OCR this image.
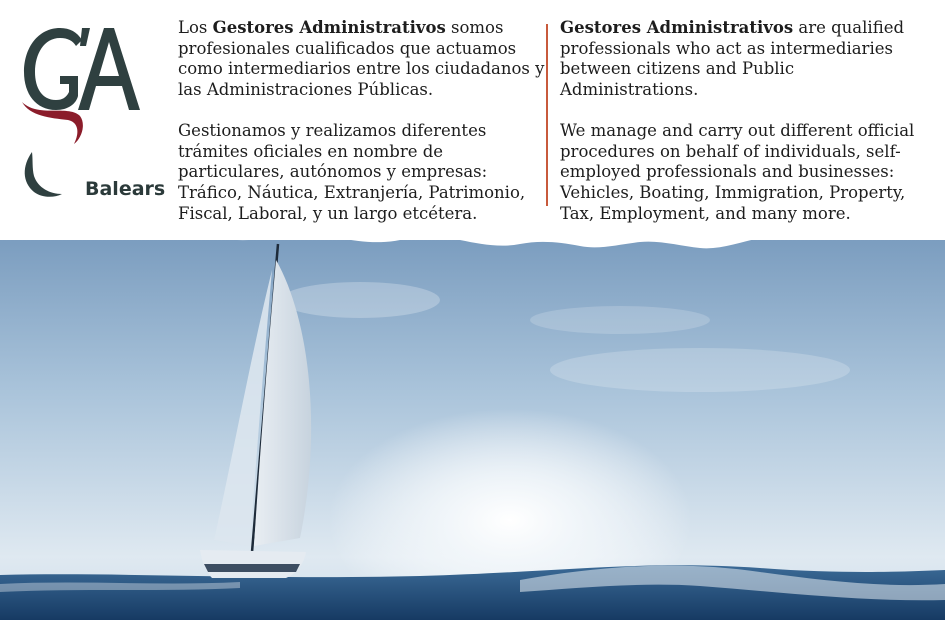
Balears

Los Gestores Administrativos somos profesionales cualificados que actuamos como intermediarios entre los ciudadanos y las Administraciones Públicas.

Gestionamos y realizamos diferentes trámites oficiales en nombre de particulares, autónomos y empresas: Tráfico, Náutica, Extranjería, Patrimonio, Fiscal, Laboral, y un largo etcétera.

Gestores Administrativos are qualified professionals who act as intermediaries between citizens and Public Administrations.

We manage and carry out different official procedures on behalf of individuals, self-employed professionals and businesses: Vehicles, Boating, Immigration, Property, Tax, Employment, and many more.
